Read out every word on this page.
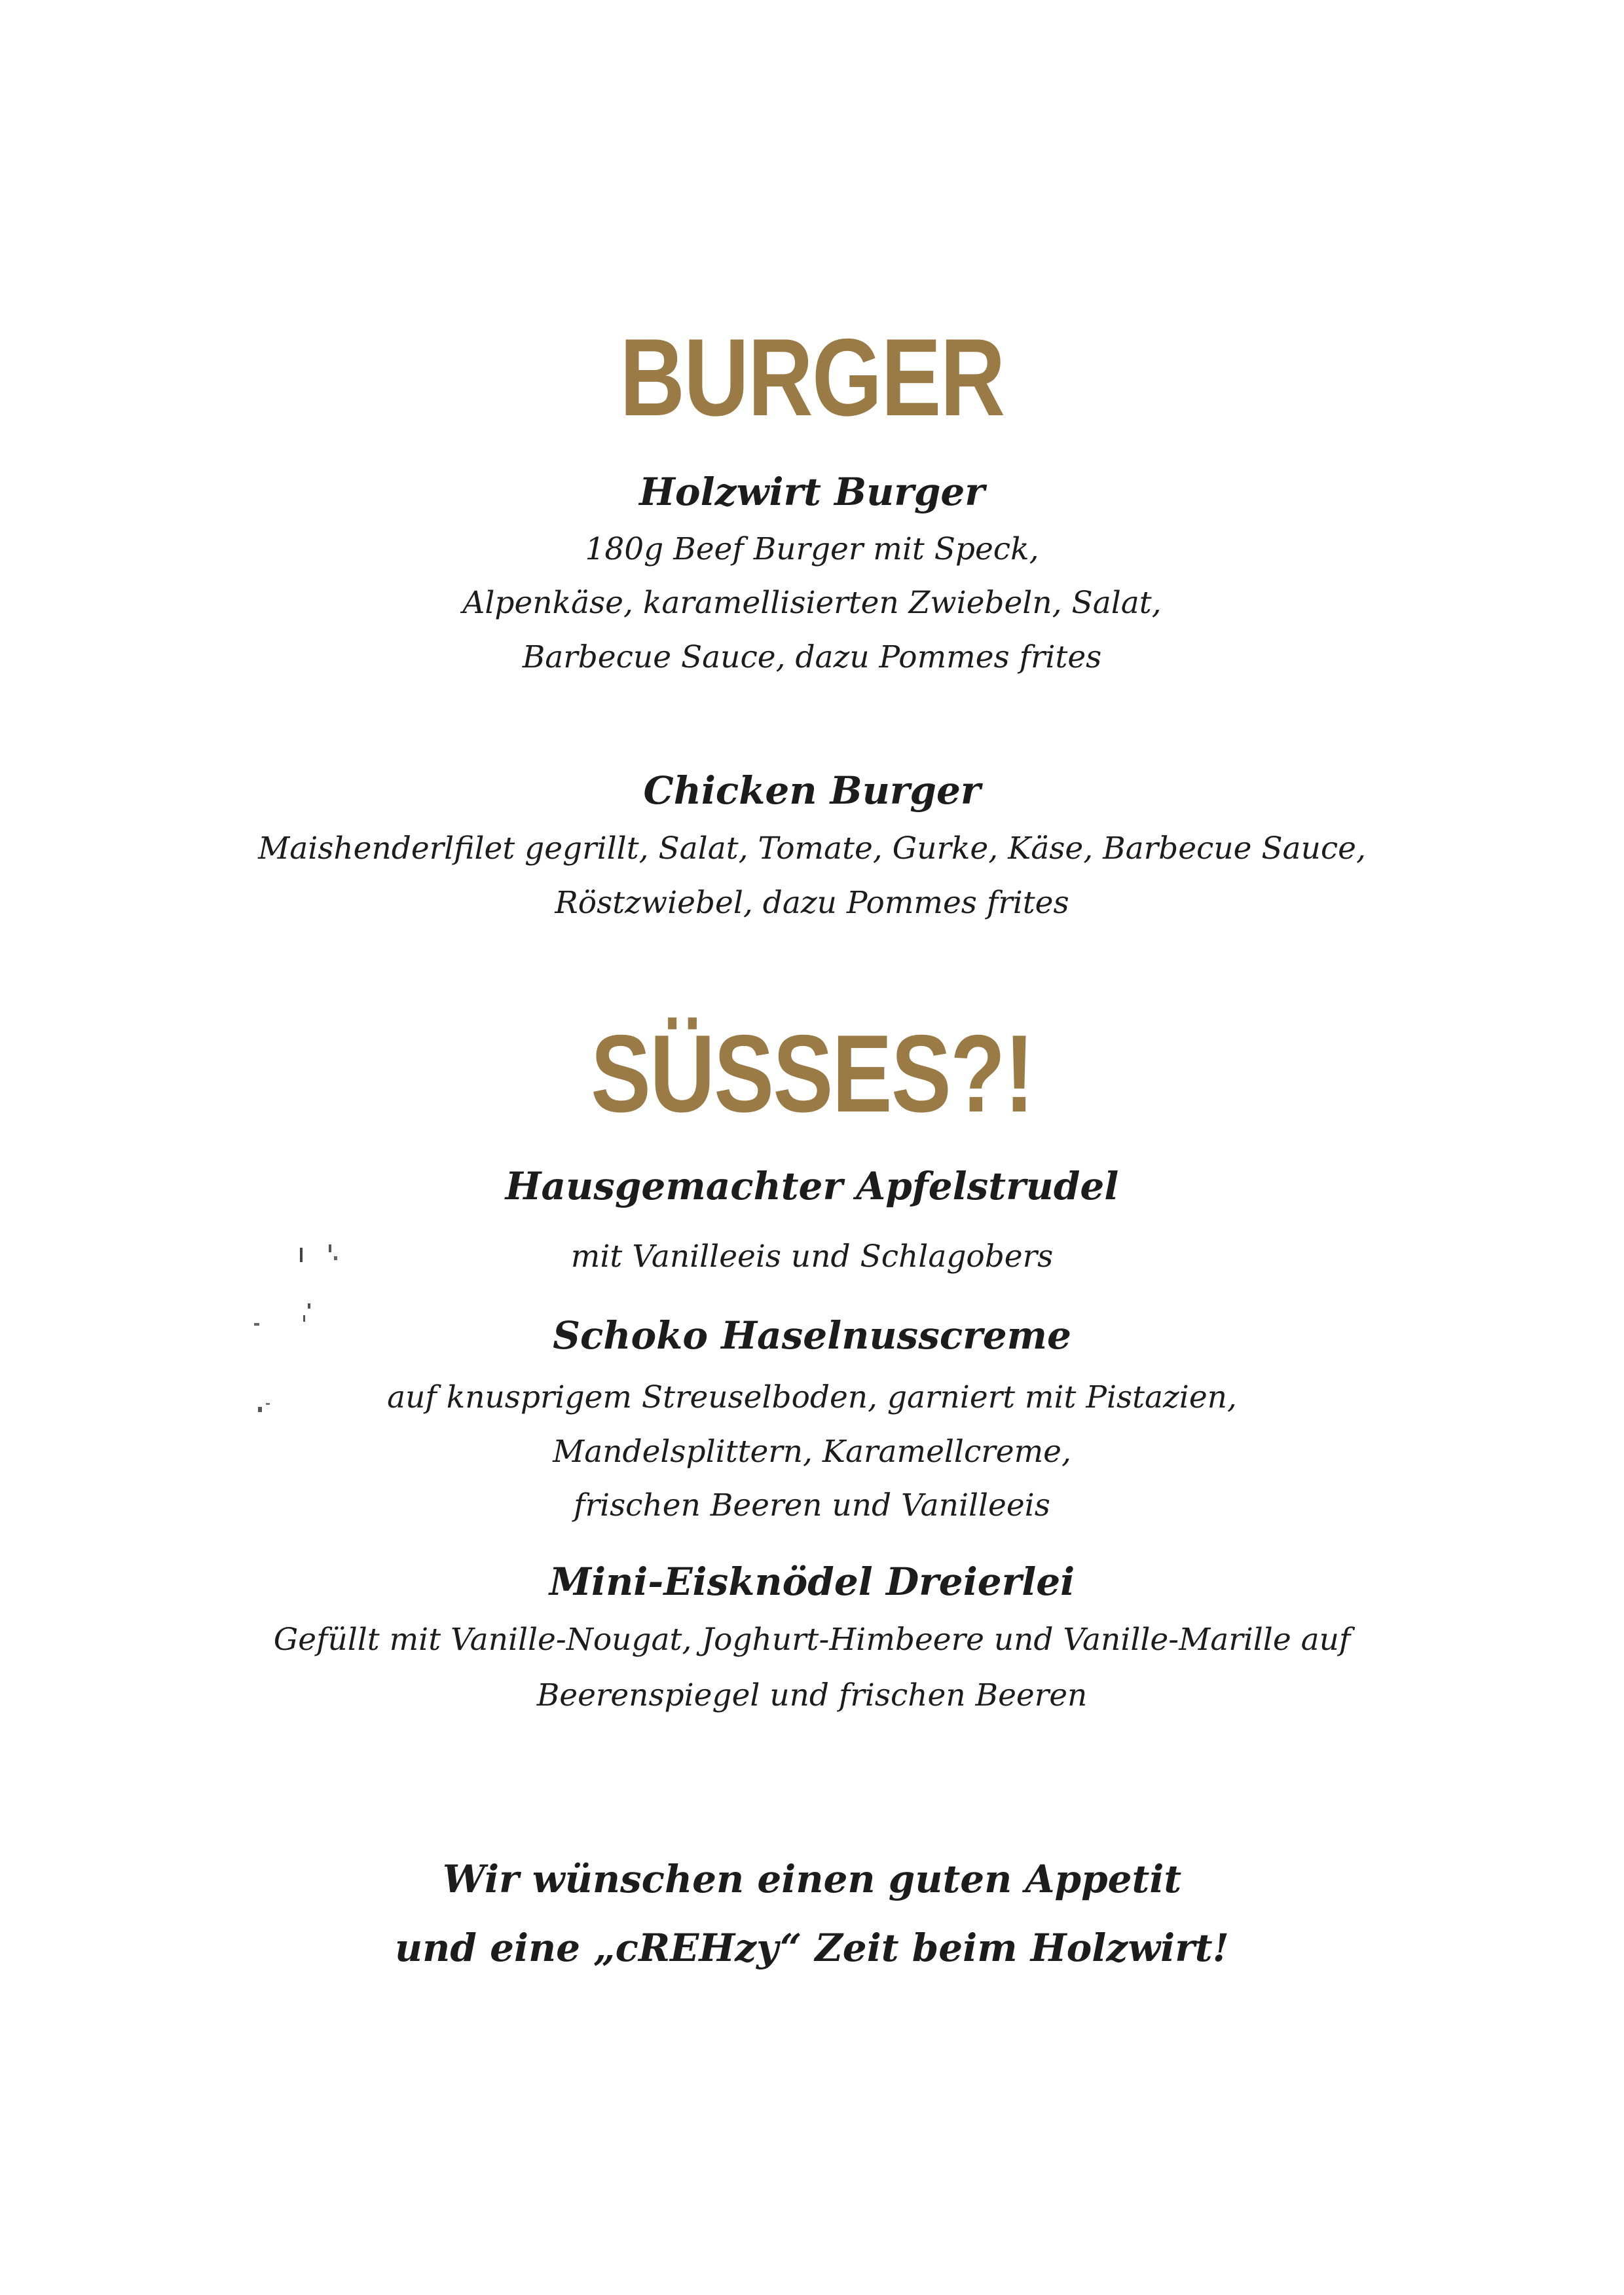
BURGER
Holzwirt Burger

180g Beef Burger mit Speck,

Alpenkäse, karamellisierten Zwiebeln, Salat,

Barbecue Sauce, dazu Pommes frites

Chicken Burger

Maishenderlfilet gegrillt, Salat, Tomate, Gurke, Käse, Barbecue Sauce,

Röstzwiebel, dazu Pommes frites

SÜSSES?!
Hausgemachter Apfelstrudel

mit Vanilleeis und Schlagobers

Schoko Haselnusscreme

auf knusprigem Streuselboden, garniert mit Pistazien,

Mandelsplittern, Karamellcreme,

frischen Beeren und Vanilleeis

Mini-Eisknödel Dreierlei

Gefüllt mit Vanille-Nougat, Joghurt-Himbeere und Vanille-Marille auf

Beerenspiegel und frischen Beeren

Wir wünschen einen guten Appetit

und eine „cREHzy“ Zeit beim Holzwirt!
